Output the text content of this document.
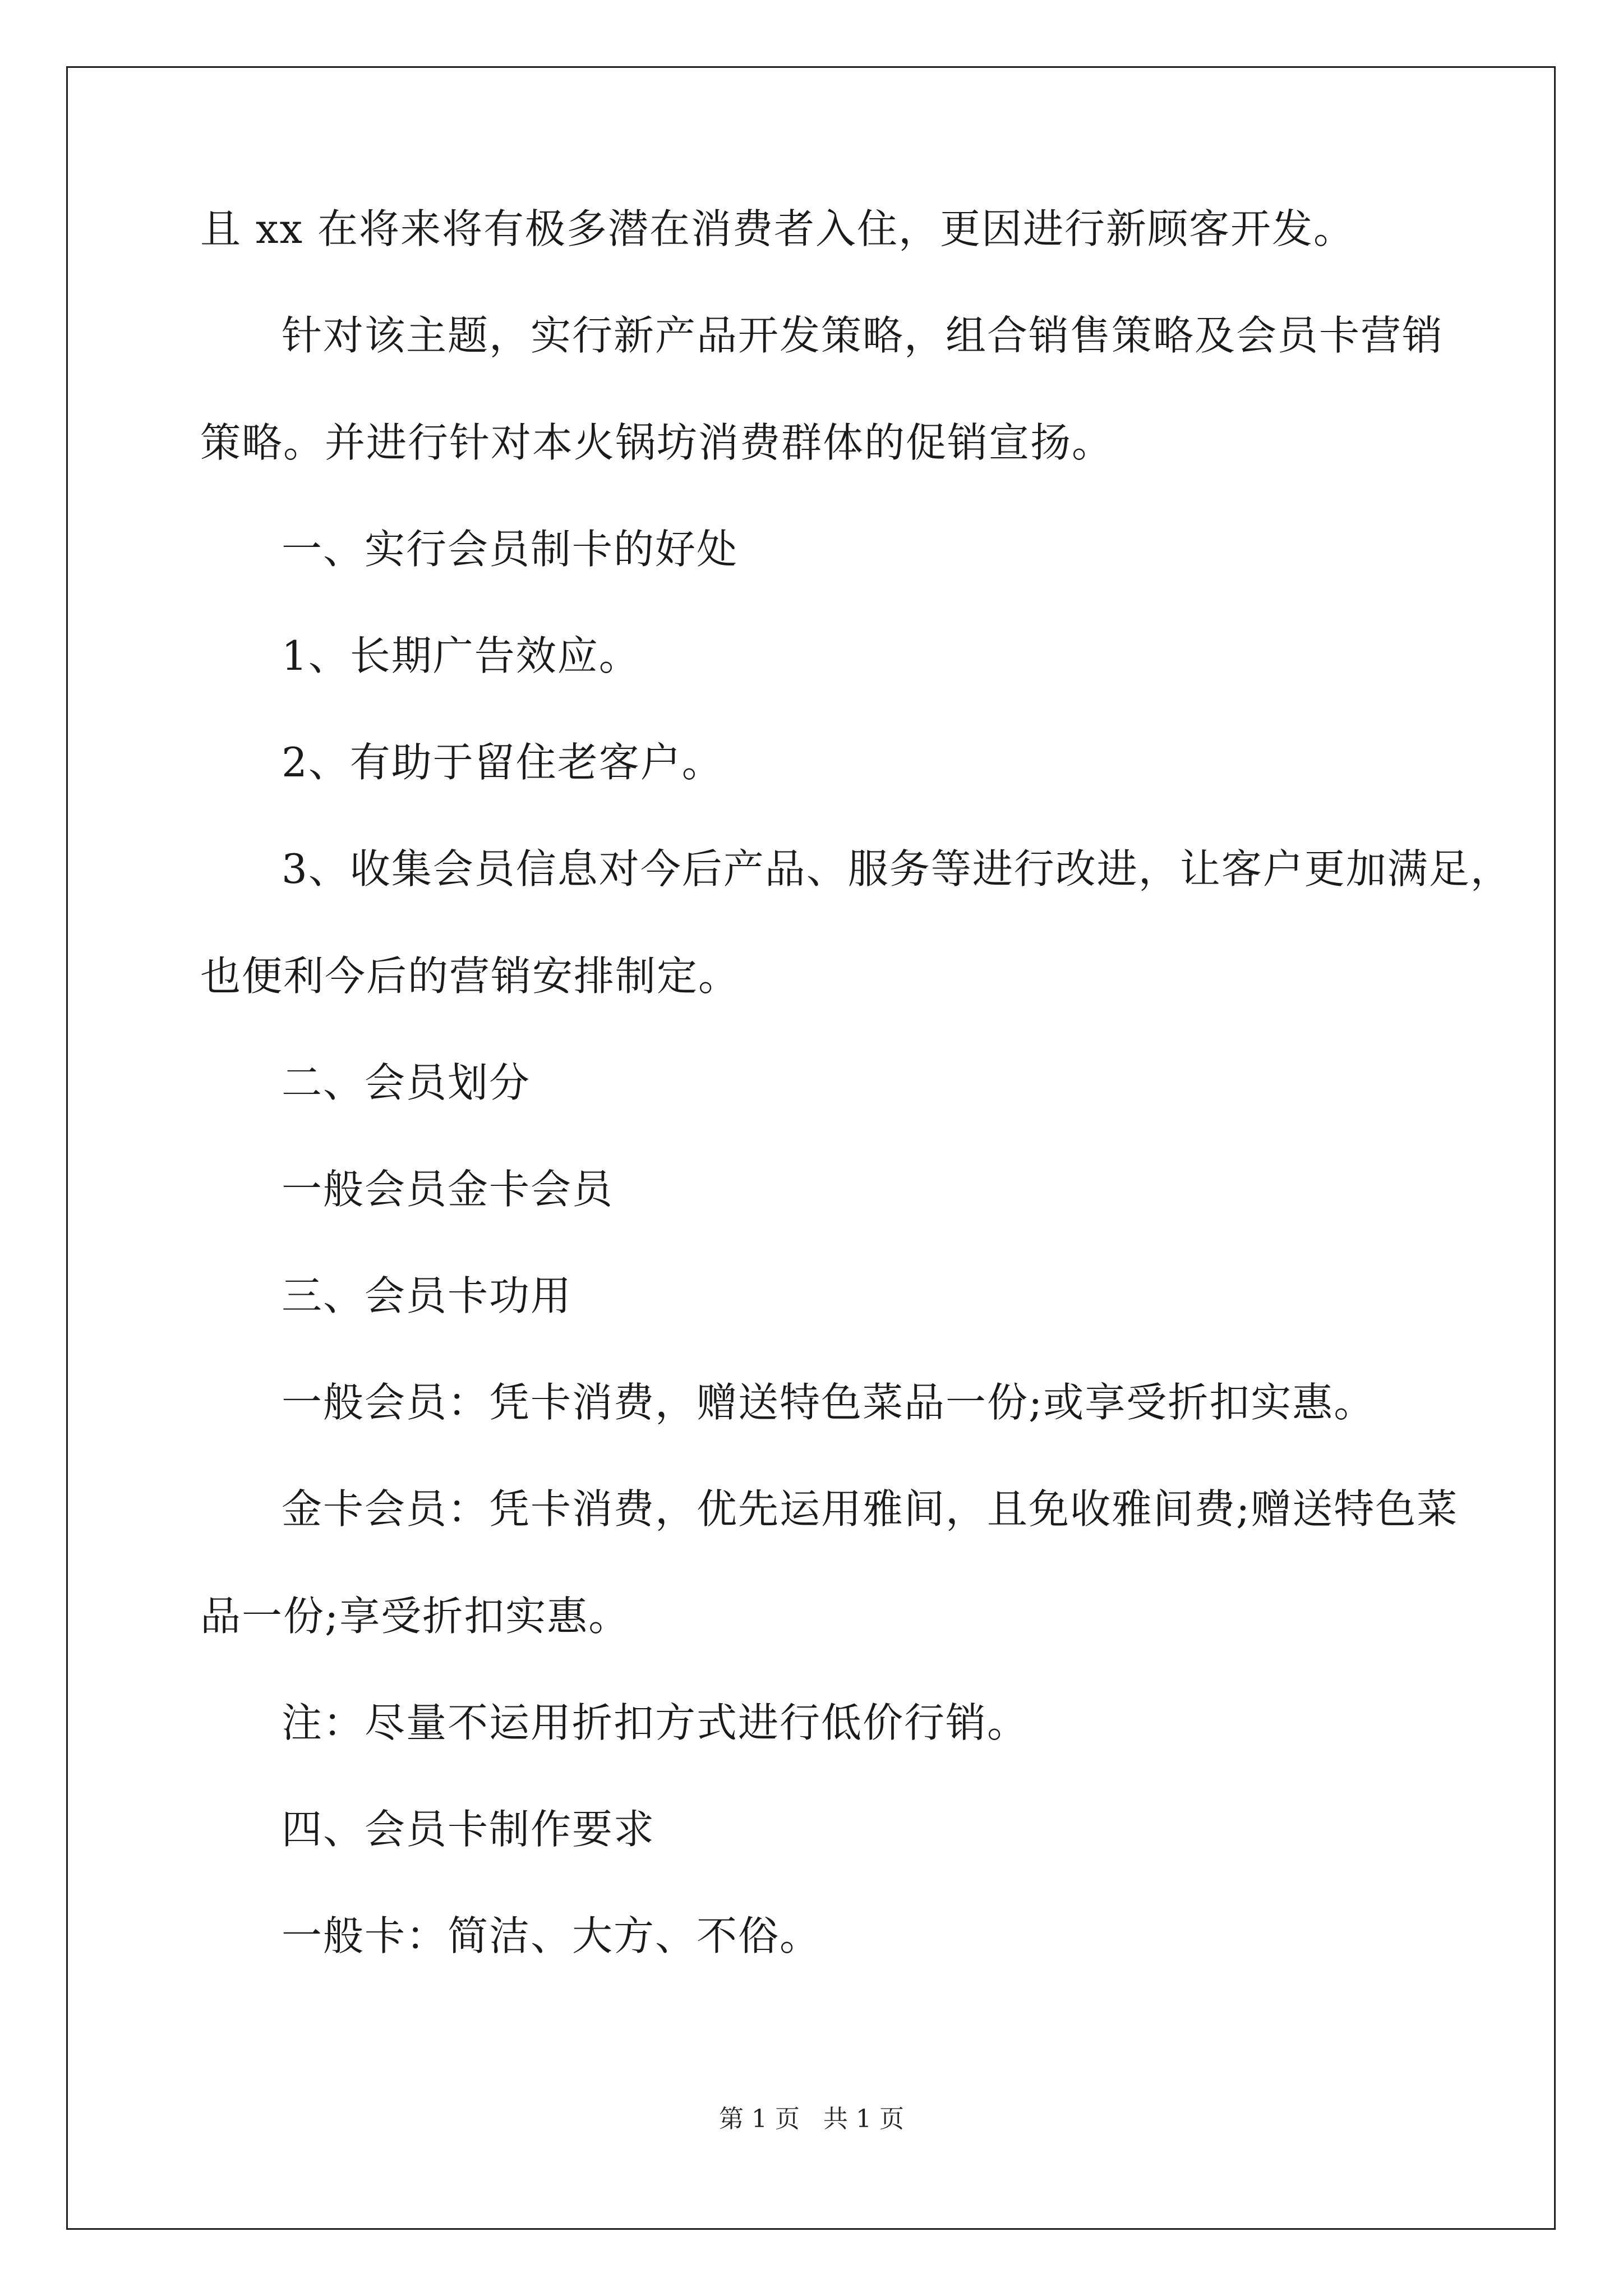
且 xx 在将来将有极多潜在消费者入住，更因进行新顾客开发。
针对该主题，实行新产品开发策略，组合销售策略及会员卡营销
策略。并进行针对本火锅坊消费群体的促销宣扬。
一、实行会员制卡的好处
1、长期广告效应。
2、有助于留住老客户。
3、收集会员信息对今后产品、服务等进行改进，让客户更加满足，
也便利今后的营销安排制定。
二、会员划分
一般会员金卡会员
三、会员卡功用
一般会员：凭卡消费，赠送特色菜品一份;或享受折扣实惠。
金卡会员：凭卡消费，优先运用雅间，且免收雅间费;赠送特色菜
品一份;享受折扣实惠。
注：尽量不运用折扣方式进行低价行销。
四、会员卡制作要求
一般卡：简洁、大方、不俗。
第 1 页   共 1 页
